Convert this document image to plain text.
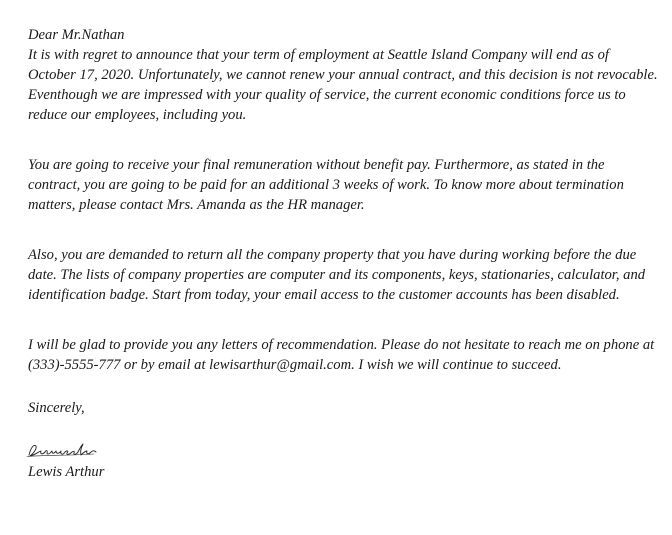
Dear Mr.Nathan

It is with regret to announce that your term of employment at Seattle Island Company will end as of October 17, 2020. Unfortunately, we cannot renew your annual contract, and this decision is not revocable. Eventhough we are impressed with your quality of service, the current economic conditions force us to reduce our employees, including you.

You are going to receive your final remuneration without benefit pay. Furthermore, as stated in the contract, you are going to be paid for an additional 3 weeks of work. To know more about termination matters, please contact Mrs. Amanda as the HR manager.

Also, you are demanded to return all the company property that you have during working before the due date. The lists of company properties are computer and its components, keys, stationaries, calculator, and identification badge. Start from today, your email access to the customer accounts has been disabled.

I will be glad to provide you any letters of recommendation. Please do not hesitate to reach me on phone at (333)-5555-777 or by email at lewisarthur@gmail.com. I wish we will continue to succeed.

Sincerely,

Lewis Arthur
